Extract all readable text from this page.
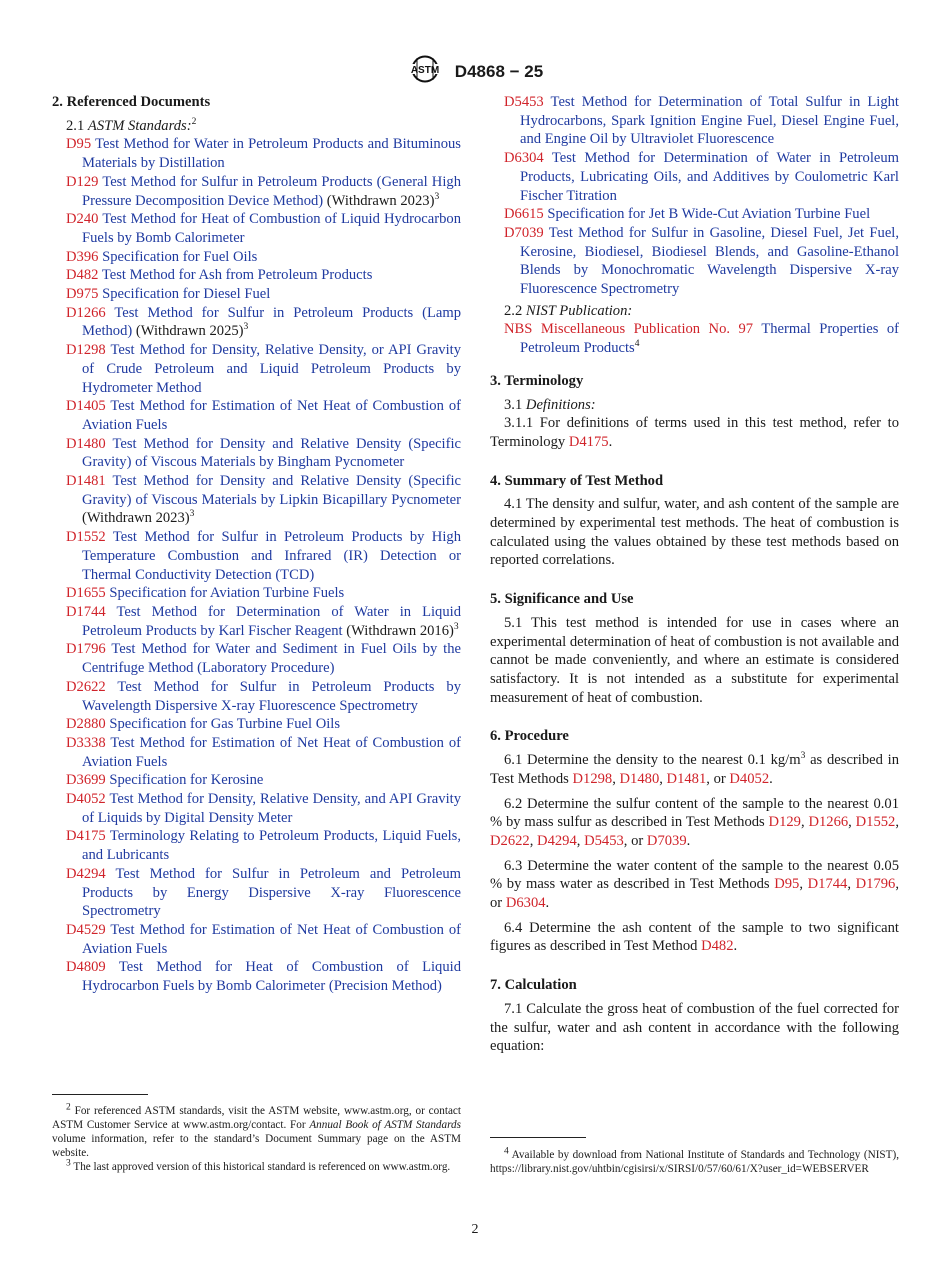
ASTM D4868 − 25
2. Referenced Documents
2.1 ASTM Standards:$^2$
D95 Test Method for Water in Petroleum Products and Bituminous Materials by Distillation
D129 Test Method for Sulfur in Petroleum Products (General High Pressure Decomposition Device Method) (Withdrawn 2023)$^3$
D240 Test Method for Heat of Combustion of Liquid Hydrocarbon Fuels by Bomb Calorimeter
D396 Specification for Fuel Oils
D482 Test Method for Ash from Petroleum Products
D975 Specification for Diesel Fuel
D1266 Test Method for Sulfur in Petroleum Products (Lamp Method) (Withdrawn 2025)$^3$
D1298 Test Method for Density, Relative Density, or API Gravity of Crude Petroleum and Liquid Petroleum Products by Hydrometer Method
D1405 Test Method for Estimation of Net Heat of Combustion of Aviation Fuels
D1480 Test Method for Density and Relative Density (Specific Gravity) of Viscous Materials by Bingham Pycnometer
D1481 Test Method for Density and Relative Density (Specific Gravity) of Viscous Materials by Lipkin Bicapillary Pycnometer (Withdrawn 2023)$^3$
D1552 Test Method for Sulfur in Petroleum Products by High Temperature Combustion and Infrared (IR) Detection or Thermal Conductivity Detection (TCD)
D1655 Specification for Aviation Turbine Fuels
D1744 Test Method for Determination of Water in Liquid Petroleum Products by Karl Fischer Reagent (Withdrawn 2016)$^3$
D1796 Test Method for Water and Sediment in Fuel Oils by the Centrifuge Method (Laboratory Procedure)
D2622 Test Method for Sulfur in Petroleum Products by Wavelength Dispersive X-ray Fluorescence Spectrometry
D2880 Specification for Gas Turbine Fuel Oils
D3338 Test Method for Estimation of Net Heat of Combustion of Aviation Fuels
D3699 Specification for Kerosine
D4052 Test Method for Density, Relative Density, and API Gravity of Liquids by Digital Density Meter
D4175 Terminology Relating to Petroleum Products, Liquid Fuels, and Lubricants
D4294 Test Method for Sulfur in Petroleum and Petroleum Products by Energy Dispersive X-ray Fluorescence Spectrometry
D4529 Test Method for Estimation of Net Heat of Combustion of Aviation Fuels
D4809 Test Method for Heat of Combustion of Liquid Hydrocarbon Fuels by Bomb Calorimeter (Precision Method)
D5453 Test Method for Determination of Total Sulfur in Light Hydrocarbons, Spark Ignition Engine Fuel, Diesel Engine Fuel, and Engine Oil by Ultraviolet Fluorescence
D6304 Test Method for Determination of Water in Petroleum Products, Lubricating Oils, and Additives by Coulometric Karl Fischer Titration
D6615 Specification for Jet B Wide-Cut Aviation Turbine Fuel
D7039 Test Method for Sulfur in Gasoline, Diesel Fuel, Jet Fuel, Kerosine, Biodiesel, Biodiesel Blends, and Gasoline-Ethanol Blends by Monochromatic Wavelength Dispersive X-ray Fluorescence Spectrometry
2.2 NIST Publication:
NBS Miscellaneous Publication No. 97 Thermal Properties of Petroleum Products$^4$
3. Terminology
3.1 Definitions:
3.1.1 For definitions of terms used in this test method, refer to Terminology D4175.
4. Summary of Test Method
4.1 The density and sulfur, water, and ash content of the sample are determined by experimental test methods. The heat of combustion is calculated using the values obtained by these test methods based on reported correlations.
5. Significance and Use
5.1 This test method is intended for use in cases where an experimental determination of heat of combustion is not available and cannot be made conveniently, and where an estimate is considered satisfactory. It is not intended as a substitute for experimental measurement of heat of combustion.
6. Procedure
6.1 Determine the density to the nearest 0.1 $kg/m^3$ as described in Test Methods D1298, D1480, D1481, or D4052.
6.2 Determine the sulfur content of the sample to the nearest 0.01 % by mass sulfur as described in Test Methods D129, D1266, D1552, D2622, D4294, D5453, or D7039.
6.3 Determine the water content of the sample to the nearest 0.05 % by mass water as described in Test Methods D95, D1744, D1796, or D6304.
6.4 Determine the ash content of the sample to two significant figures as described in Test Method D482.
7. Calculation
7.1 Calculate the gross heat of combustion of the fuel corrected for the sulfur, water and ash content in accordance with the following equation:
$^2$ For referenced ASTM standards, visit the ASTM website, www.astm.org, or contact ASTM Customer Service at www.astm.org/contact. For Annual Book of ASTM Standards volume information, refer to the standard’s Document Summary page on the ASTM website.
$^3$ The last approved version of this historical standard is referenced on www.astm.org.
$^4$ Available by download from National Institute of Standards and Technology (NIST), https://library.nist.gov/uhtbin/cgisirsi/x/SIRSI/0/57/60/61/X?user_id=WEBSERVER
2
